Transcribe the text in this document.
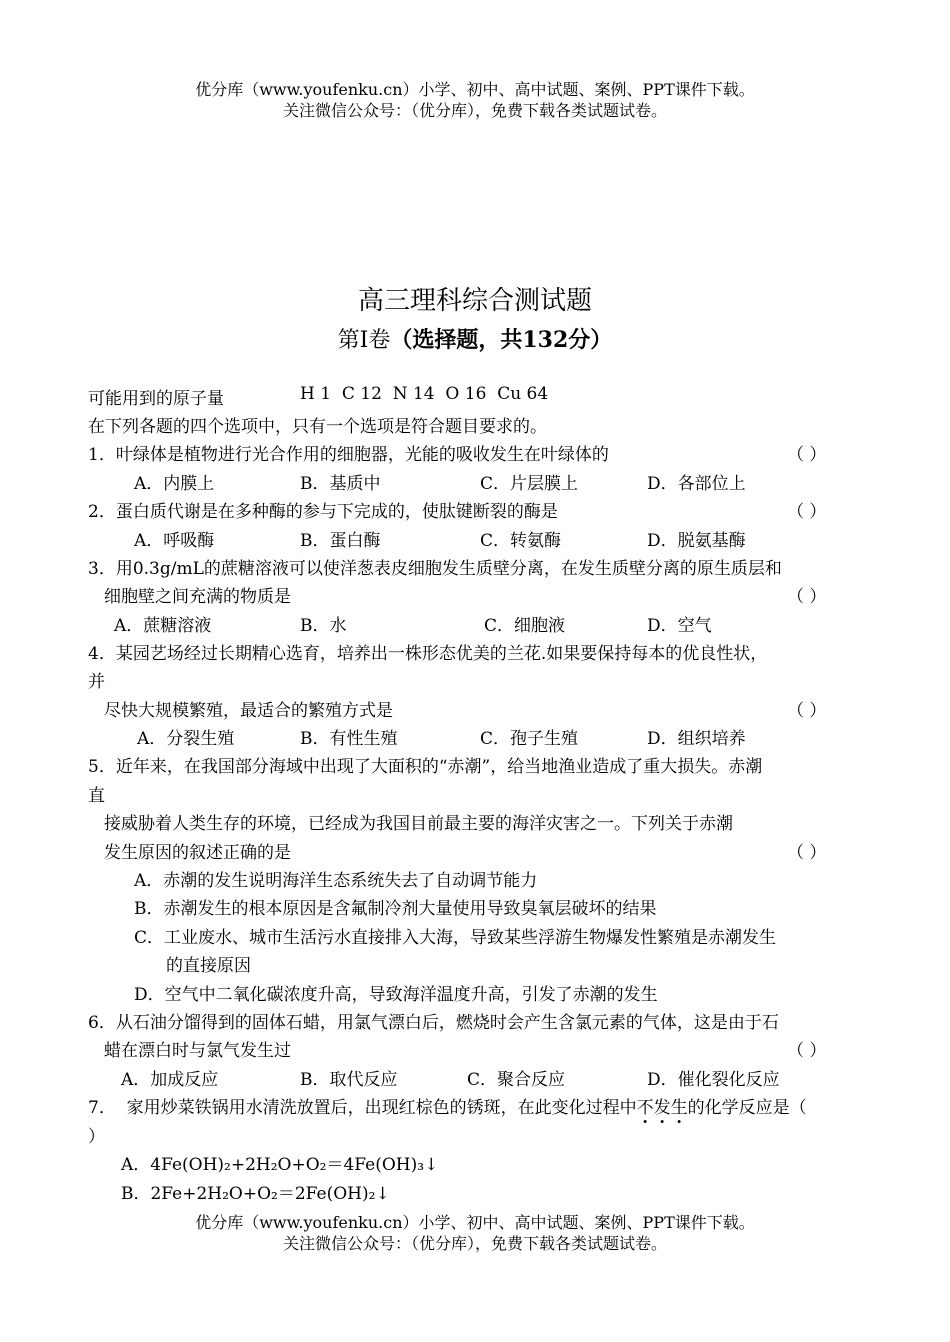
优分库（www.youfenku.cn）小学、初中、高中试题、案例、PPT课件下载。
关注微信公众号：（优分库），免费下载各类试题试卷。
高三理科综合测试题
第Ⅰ卷（选择题，共132分）
可能用到的原子量	H 1  C 12  N 14  O 16  Cu 64
在下列各题的四个选项中，只有一个选项是符合题目要求的。
1．叶绿体是植物进行光合作用的细胞器，光能的吸收发生在叶绿体的	（ ）
A．内膜上	B．基质中	C．片层膜上	D．各部位上
2．蛋白质代谢是在多种酶的参与下完成的，使肽键断裂的酶是	（ ）
A．呼吸酶	B．蛋白酶	C．转氨酶	D．脱氨基酶
3．用0.3g/mL的蔗糖溶液可以使洋葱表皮细胞发生质壁分离，在发生质壁分离的原生质层和
细胞壁之间充满的物质是	（ ）
A．蔗糖溶液	B．水	C．细胞液	D．空气
4．某园艺场经过长期精心选育，培养出一株形态优美的兰花.如果要保持每本的优良性状，
并
尽快大规模繁殖，最适合的繁殖方式是	（ ）
A．分裂生殖	B．有性生殖	C．孢子生殖	D．组织培养
5．近年来，在我国部分海域中出现了大面积的“赤潮”，给当地渔业造成了重大损失。赤潮
直
接威胁着人类生存的环境，已经成为我国目前最主要的海洋灾害之一。下列关于赤潮
发生原因的叙述正确的是	（ ）
A．赤潮的发生说明海洋生态系统失去了自动调节能力
B．赤潮发生的根本原因是含氟制冷剂大量使用导致臭氧层破坏的结果
C．工业废水、城市生活污水直接排入大海，导致某些浮游生物爆发性繁殖是赤潮发生
的直接原因
D．空气中二氧化碳浓度升高，导致海洋温度升高，引发了赤潮的发生
6．从石油分馏得到的固体石蜡，用氯气漂白后，燃烧时会产生含氯元素的气体，这是由于石
蜡在漂白时与氯气发生过	（ ）
A．加成反应	B．取代反应	C．聚合反应	D．催化裂化反应
7．  家用炒菜铁锅用水清洗放置后，出现红棕色的锈斑，在此变化过程中不发生的化学反应是（
）
A．4Fe(OH)₂+2H₂O+O₂＝4Fe(OH)₃↓
B．2Fe+2H₂O+O₂＝2Fe(OH)₂↓
优分库（www.youfenku.cn）小学、初中、高中试题、案例、PPT课件下载。
关注微信公众号：（优分库），免费下载各类试题试卷。
